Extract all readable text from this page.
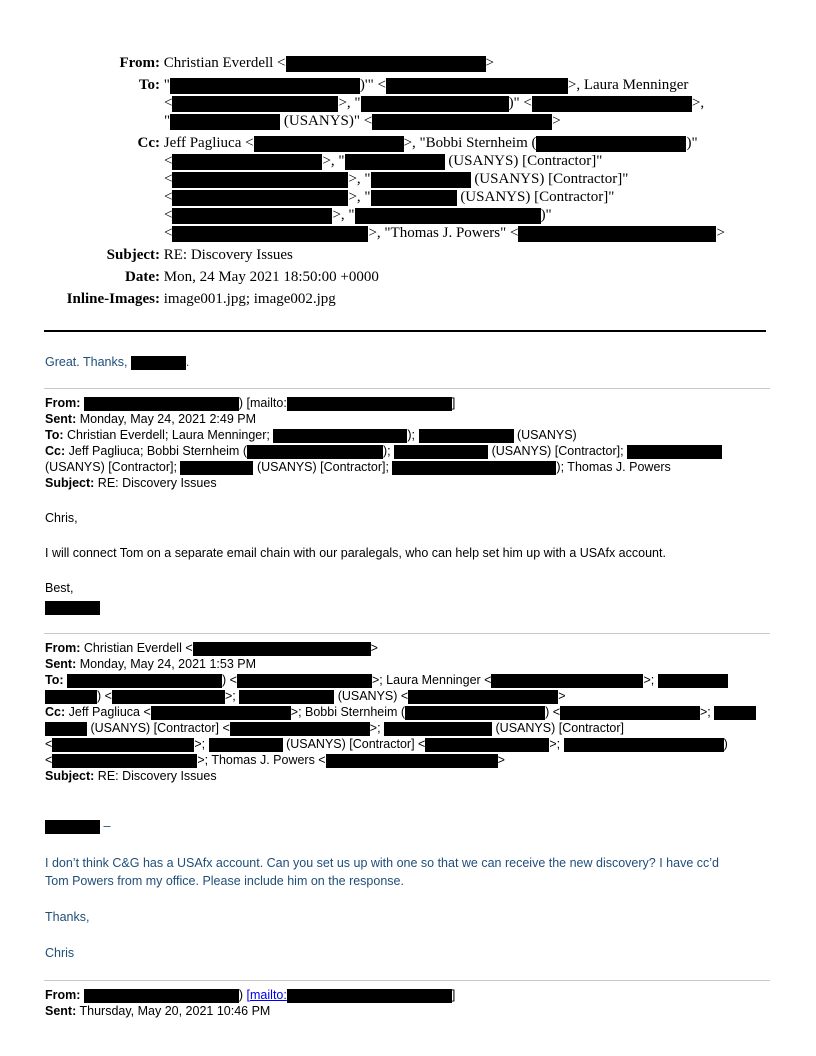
From: Christian Everdell <	>
To: "	)'" <	>, Laura Menninger
<	>, "	)" <	>,
"	(USANYS)" <	>
Cc: Jeff Pagliuca <	>, "Bobbi Sternheim (	)"
<	>, "	(USANYS) [Contractor]"
<	>, "	(USANYS) [Contractor]"
<	>, "	(USANYS) [Contractor]"
<	>, "	)"
<	>, "Thomas J. Powers" <	>
Subject: RE: Discovery Issues
Date: Mon, 24 May 2021 18:50:00 +0000
Inline-Images: image001.jpg; image002.jpg
Great. Thanks,	.
From:	) [mailto:	]
Sent: Monday, May 24, 2021 2:49 PM
To: Christian Everdell; Laura Menninger;	);	(USANYS)
Cc: Jeff Pagliuca; Bobbi Sternheim (	);	(USANYS) [Contractor];
(USANYS) [Contractor];	(USANYS) [Contractor];	); Thomas J. Powers
Subject: RE: Discovery Issues
Chris,
I will connect Tom on a separate email chain with our paralegals, who can help set him up with a USAfx account.
Best,
From: Christian Everdell <	>
Sent: Monday, May 24, 2021 1:53 PM
To:	) <	>; Laura Menninger <	>;
) <	>;	(USANYS) <	>
Cc: Jeff Pagliuca <	>; Bobbi Sternheim (	) <	>;
(USANYS) [Contractor] <	>;	(USANYS) [Contractor]
<	>;	(USANYS) [Contractor] <	>;	)
<	>; Thomas J. Powers <	>
Subject: RE: Discovery Issues
–
I don’t think C&G has a USAfx account. Can you set us up with one so that we can receive the new discovery? I have cc’d
Tom Powers from my office. Please include him on the response.
Thanks,
Chris
From:	) [mailto:	]
Sent: Thursday, May 20, 2021 10:46 PM
